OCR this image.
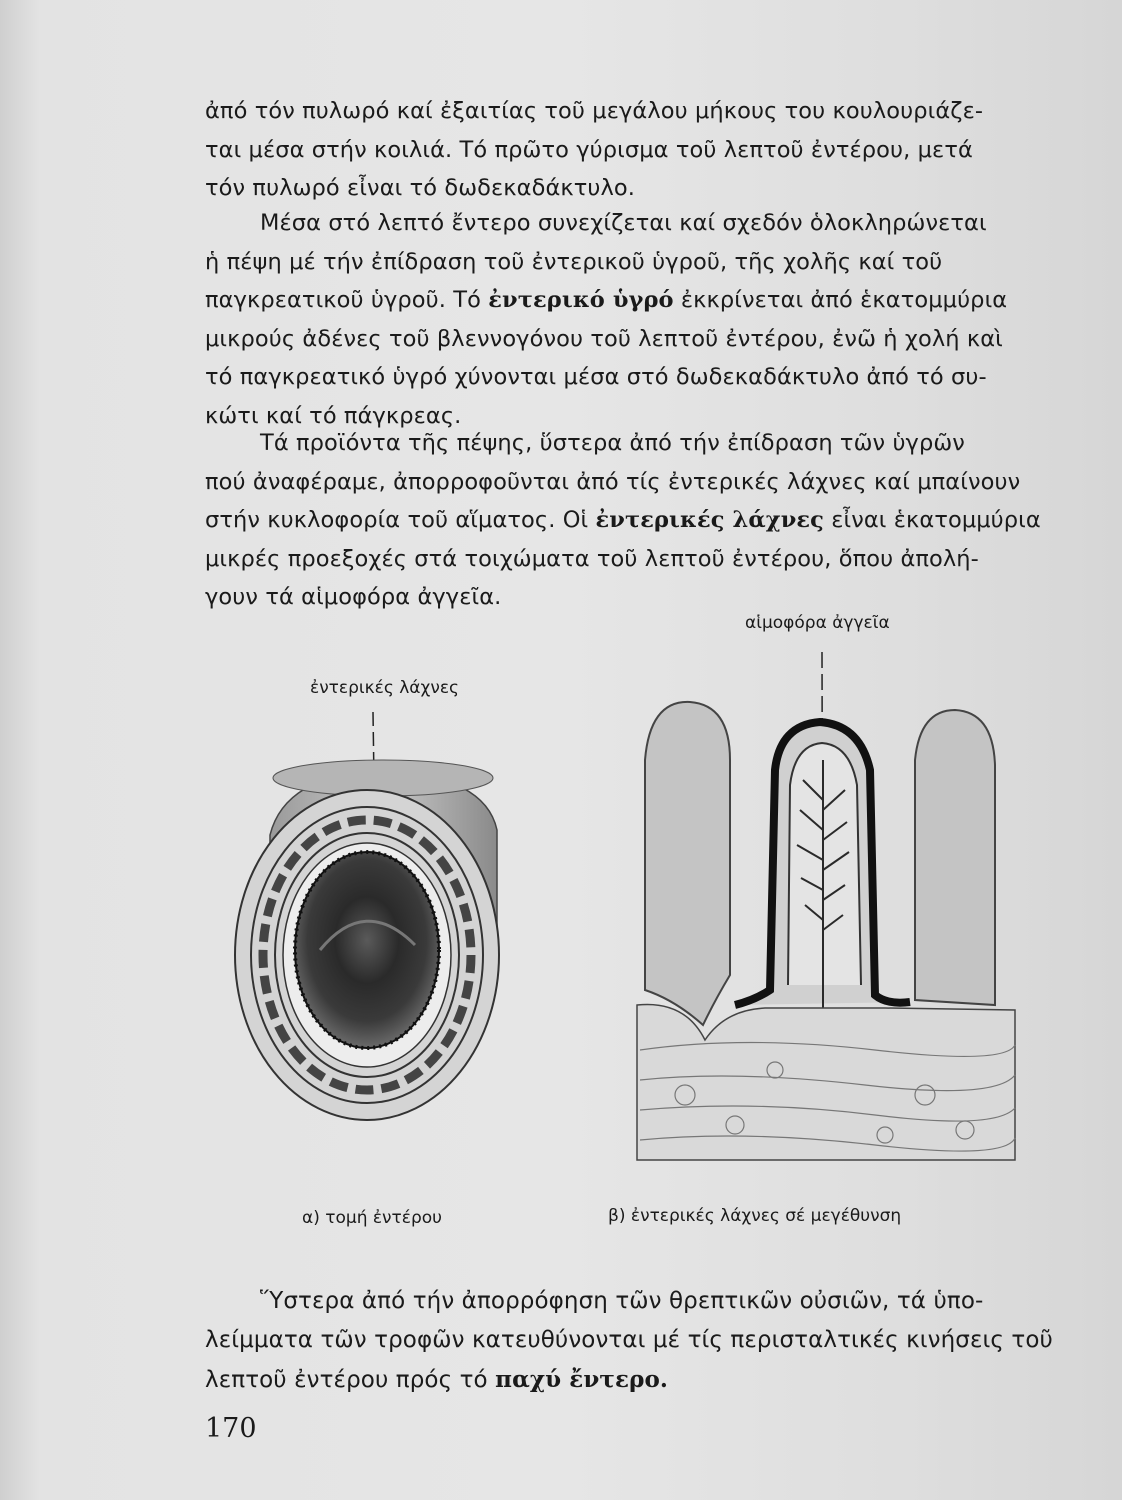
ἀπό τόν πυλωρό καί ἐξαιτίας τοῦ μεγάλου μήκους του κουλουριάζε-
ται μέσα στήν κοιλιά. Τό πρῶτο γύρισμα τοῦ λεπτοῦ ἐντέρου, μετά
τόν πυλωρό εἶναι τό δωδεκαδάκτυλο.
Μέσα στό λεπτό ἔντερο συνεχίζεται καί σχεδόν ὁλοκληρώνεται
ἡ πέψη μέ τήν ἐπίδραση τοῦ ἐντερικοῦ ὑγροῦ, τῆς χολῆς καί τοῦ
παγκρεατικοῦ ὑγροῦ. Τό ἐντερικό ὑγρό ἐκκρίνεται ἀπό ἑκατομμύρια
μικρούς ἀδένες τοῦ βλεννογόνου τοῦ λεπτοῦ ἐντέρου, ἐνῶ ἡ χολή καὶ
τό παγκρεατικό ὑγρό χύνονται μέσα στό δωδεκαδάκτυλο ἀπό τό συ-
κώτι καί τό πάγκρεας.
Τά προϊόντα τῆς πέψης, ὕστερα ἀπό τήν ἐπίδραση τῶν ὑγρῶν
πού ἀναφέραμε, ἀπορροφοῦνται ἀπό τίς ἐντερικές λάχνες καί μπαίνουν
στήν κυκλοφορία τοῦ αἵματος. Οἱ ἐντερικές λάχνες εἶναι ἑκατομμύρια
μικρές προεξοχές στά τοιχώματα τοῦ λεπτοῦ ἐντέρου, ὅπου ἀπολή-
γουν τά αἱμοφόρα ἀγγεῖα.
ἐντερικές λάχνες
αἱμοφόρα ἀγγεῖα
α) τομή ἐντέρου	β) ἐντερικές λάχνες σέ μεγέθυνση
Ὕστερα ἀπό τήν ἀπορρόφηση τῶν θρεπτικῶν οὐσιῶν, τά ὑπο-
λείμματα τῶν τροφῶν κατευθύνονται μέ τίς περισταλτικές κινήσεις τοῦ
λεπτοῦ ἐντέρου πρός τό παχύ ἔντερο.
170
